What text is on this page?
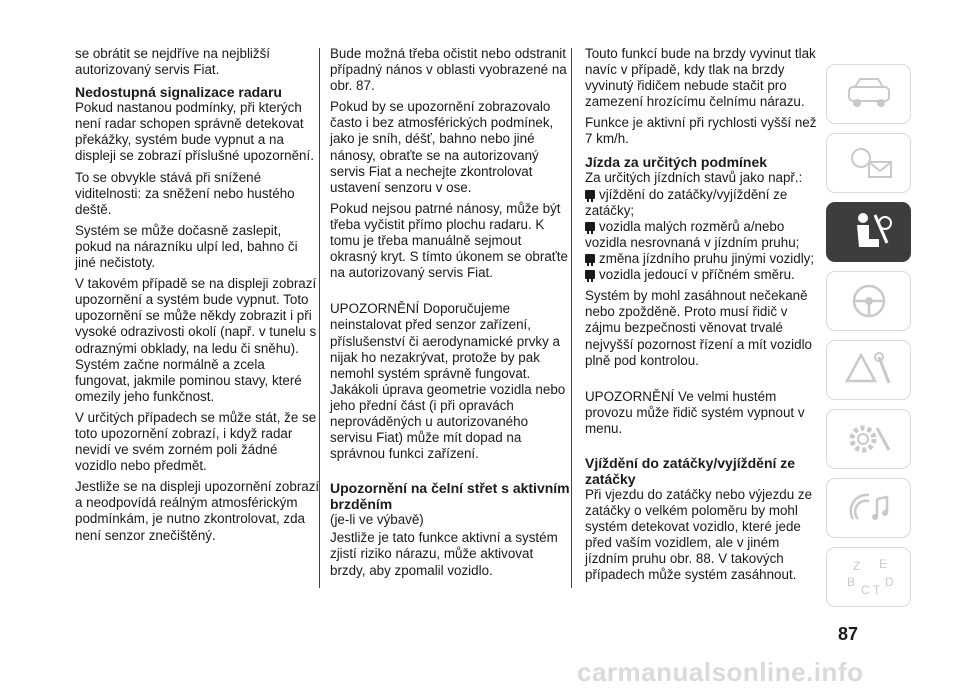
se obrátit se nejdříve na nejbližší autorizovaný servis Fiat.

Nedostupná signalizace radaru

Pokud nastanou podmínky, při kterých není radar schopen správně detekovat překážky, systém bude vypnut a na displeji se zobrazí příslušné upozornění.

To se obvykle stává při snížené viditelnosti: za sněžení nebo hustého deště.

Systém se může dočasně zaslepit, pokud na nárazníku ulpí led, bahno či jiné nečistoty.

V takovém případě se na displeji zobrazí upozornění a systém bude vypnut. Toto upozornění se může někdy zobrazit i při vysoké odrazivosti okolí (např. v tunelu s odraznými obklady, na ledu či sněhu). Systém začne normálně a zcela fungovat, jakmile pominou stavy, které omezily jeho funkčnost.

V určitých případech se může stát, že se toto upozornění zobrazí, i když radar nevidí ve svém zorném poli žádné vozidlo nebo předmět.

Jestliže se na displeji upozornění zobrazí a neodpovídá reálným atmosférickým podmínkám, je nutno zkontrolovat, zda není senzor znečištěný.

Bude možná třeba očistit nebo odstranit případný nános v oblasti vyobrazené na obr. 87.

Pokud by se upozornění zobrazovalo často i bez atmosférických podmínek, jako je sníh, déšť, bahno nebo jiné nánosy, obraťte se na autorizovaný servis Fiat a nechejte zkontrolovat ustavení senzoru v ose.

Pokud nejsou patrné nánosy, může být třeba vyčistit přímo plochu radaru. K tomu je třeba manuálně sejmout okrasný kryt. S tímto úkonem se obraťte na autorizovaný servis Fiat.

UPOZORNĚNÍ Doporučujeme neinstalovat před senzor zařízení, příslušenství či aerodynamické prvky a nijak ho nezakrývat, protože by pak nemohl systém správně fungovat. Jakákoli úprava geometrie vozidla nebo jeho přední část (i při opravách neprováděných u autorizovaného servisu Fiat) může mít dopad na správnou funkci zařízení.

Upozornění na čelní střet s aktivním brzděním

(je-li ve výbavě)

Jestliže je tato funkce aktivní a systém zjistí riziko nárazu, může aktivovat brzdy, aby zpomalil vozidlo.

Touto funkcí bude na brzdy vyvinut tlak navíc v případě, kdy tlak na brzdy vyvinutý řidičem nebude stačit pro zamezení hrozícímu čelnímu nárazu.

Funkce je aktivní při rychlosti vyšší než 7 km/h.

Jízda za určitých podmínek

Za určitých jízdních stavů jako např.:

vjíždění do zatáčky/vyjíždění ze zatáčky;
vozidla malých rozměrů a/nebo vozidla nesrovnaná v jízdním pruhu;
změna jízdního pruhu jinými vozidly;
vozidla jedoucí v příčném směru.

Systém by mohl zasáhnout nečekaně nebo zpožděně. Proto musí řidič v zájmu bezpečnosti věnovat trvalé nejvyšší pozornost řízení a mít vozidlo plně pod kontrolou.

UPOZORNĚNÍ Ve velmi hustém provozu může řidič systém vypnout v menu.

Vjíždění do zatáčky/vyjíždění ze zatáčky

Při vjezdu do zatáčky nebo výjezdu ze zatáčky o velkém poloměru by mohl systém detekovat vozidlo, které jede před vaším vozidlem, ale v jiném jízdním pruhu obr. 88. V takových případech může systém zasáhnout.

Z E
B
C
D
T
87
carmanualsonline.info
